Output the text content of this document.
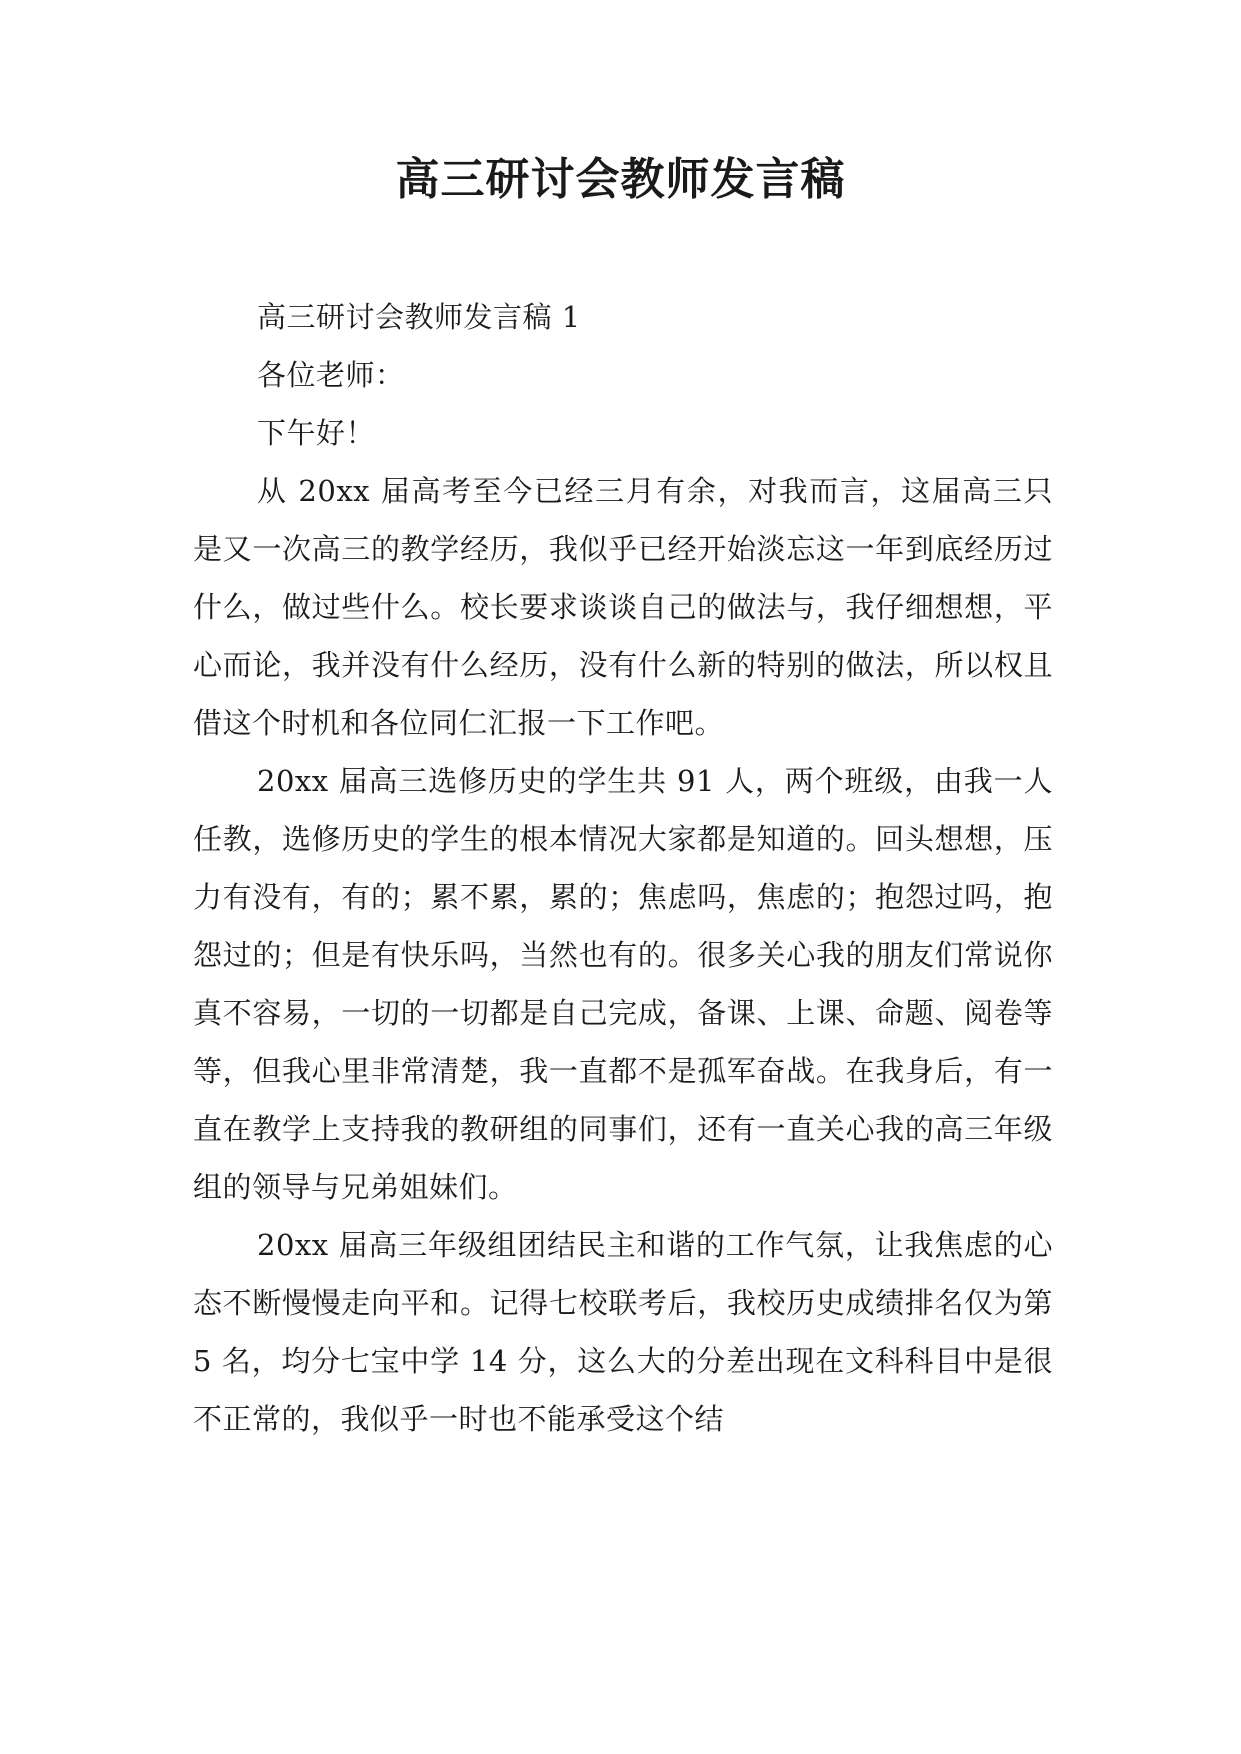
高三研讨会教师发言稿

高三研讨会教师发言稿 1

各位老师：

下午好！

从 20xx 届高考至今已经三月有余，对我而言，这届高三只是又一次高三的教学经历，我似乎已经开始淡忘这一年到底经历过什么，做过些什么。校长要求谈谈自己的做法与，我仔细想想，平心而论，我并没有什么经历，没有什么新的特别的做法，所以权且借这个时机和各位同仁汇报一下工作吧。

20xx 届高三选修历史的学生共 91 人，两个班级，由我一人任教，选修历史的学生的根本情况大家都是知道的。回头想想，压力有没有，有的；累不累，累的；焦虑吗，焦虑的；抱怨过吗，抱怨过的；但是有快乐吗，当然也有的。很多关心我的朋友们常说你真不容易，一切的一切都是自己完成，备课、上课、命题、阅卷等等，但我心里非常清楚，我一直都不是孤军奋战。在我身后，有一直在教学上支持我的教研组的同事们，还有一直关心我的高三年级组的领导与兄弟姐妹们。

20xx 届高三年级组团结民主和谐的工作气氛，让我焦虑的心态不断慢慢走向平和。记得七校联考后，我校历史成绩排名仅为第 5 名，均分七宝中学 14 分，这么大的分差出现在文科科目中是很不正常的，我似乎一时也不能承受这个结
